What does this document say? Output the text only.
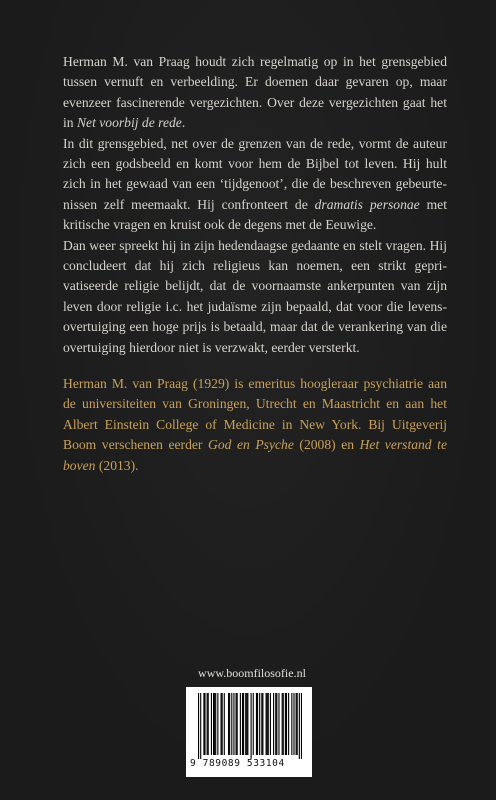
Herman M. van Praag houdt zich regelmatig op in het grensgebied tussen vernuft en verbeelding. Er doemen daar gevaren op, maar evenzeer fascinerende vergezichten. Over deze vergezichten gaat het in Net voorbij de rede.

In dit grensgebied, net over de grenzen van de rede, vormt de auteur zich een godsbeeld en komt voor hem de Bijbel tot leven. Hij hult zich in het gewaad van een ‘tijdgenoot’, die de beschreven gebeurtenissen zelf meemaakt. Hij confronteert de dramatis personae met kritische vragen en kruist ook de degens met de Eeuwige.

Dan weer spreekt hij in zijn hedendaagse gedaante en stelt vragen. Hij concludeert dat hij zich religieus kan noemen, een strikt geprivatiseerde religie belijdt, dat de voornaamste ankerpunten van zijn leven door religie i.c. het judaïsme zijn bepaald, dat voor die levensovertuiging een hoge prijs is betaald, maar dat de verankering van die overtuiging hierdoor niet is verzwakt, eerder versterkt.

Herman M. van Praag (1929) is emeritus hoogleraar psychiatrie aan de universiteiten van Groningen, Utrecht en Maastricht en aan het Albert Einstein College of Medicine in New York. Bij Uitgeverij Boom verschenen eerder God en Psyche (2008) en Het verstand te boven (2013).

www.boomfilosofie.nl
9 789089 533104
